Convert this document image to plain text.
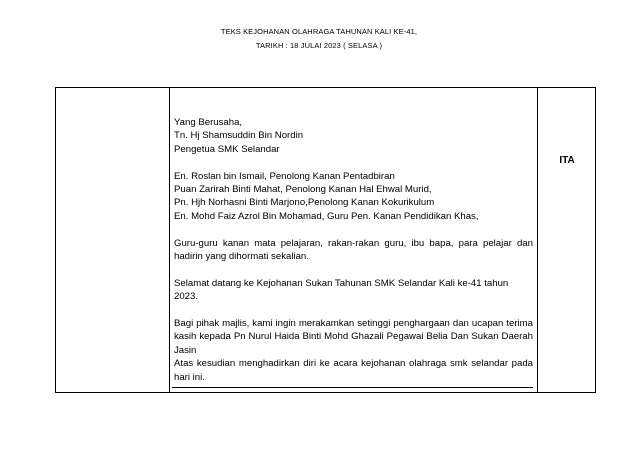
TEKS KEJOHANAN OLAHRAGA TAHUNAN KALI KE-41,
TARIKH : 18 JULAI 2023 ( SELASA )
ITA

Yang Berusaha,

Tn. Hj Shamsuddin Bin Nordin

Pengetua SMK Selandar

En. Roslan bin Ismail, Penolong Kanan Pentadbiran

Puan Zarirah Binti Mahat, Penolong Kanan Hal Ehwal Murid,

Pn. Hjh Norhasni Binti Marjono,Penolong Kanan Kokurikulum

En. Mohd Faiz Azrol Bin Mohamad, Guru Pen. Kanan Pendidikan Khas,

Guru-guru kanan mata pelajaran, rakan-rakan guru, ibu bapa, para pelajar dan

hadirin yang dihormati sekalian.

Selamat datang ke Kejohanan Sukan Tahunan SMK Selandar Kali ke-41 tahun 2023.

Bagi pihak majlis, kami ingin merakamkan setinggi penghargaan dan ucapan terima

kasih kepada Pn Nurul Haida Binti Mohd Ghazali Pegawai Belia Dan Sukan Daerah

Jasin

Atas kesudian menghadirkan diri ke acara kejohanan olahraga smk selandar pada

hari ini.
